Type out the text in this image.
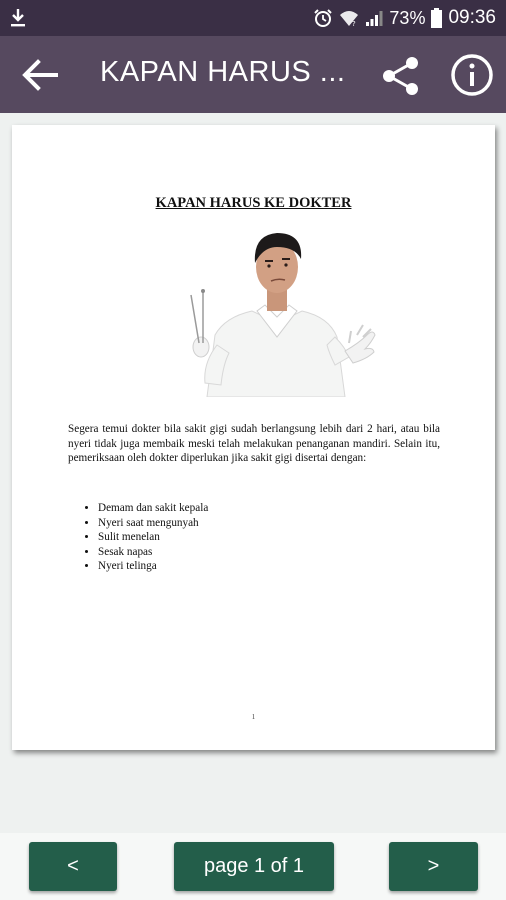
? 73% 09:36
KAPAN HARUS ...
KAPAN HARUS KE DOKTER
Segera temui dokter bila sakit gigi sudah berlangsung lebih dari 2 hari, atau bila nyeri tidak juga membaik meski telah melakukan penanganan mandiri. Selain itu, pemeriksaan oleh dokter diperlukan jika sakit gigi disertai dengan:
• Demam dan sakit kepala
• Nyeri saat mengunyah
• Sulit menelan
• Sesak napas
• Nyeri telinga
1
<	page 1 of 1	>
